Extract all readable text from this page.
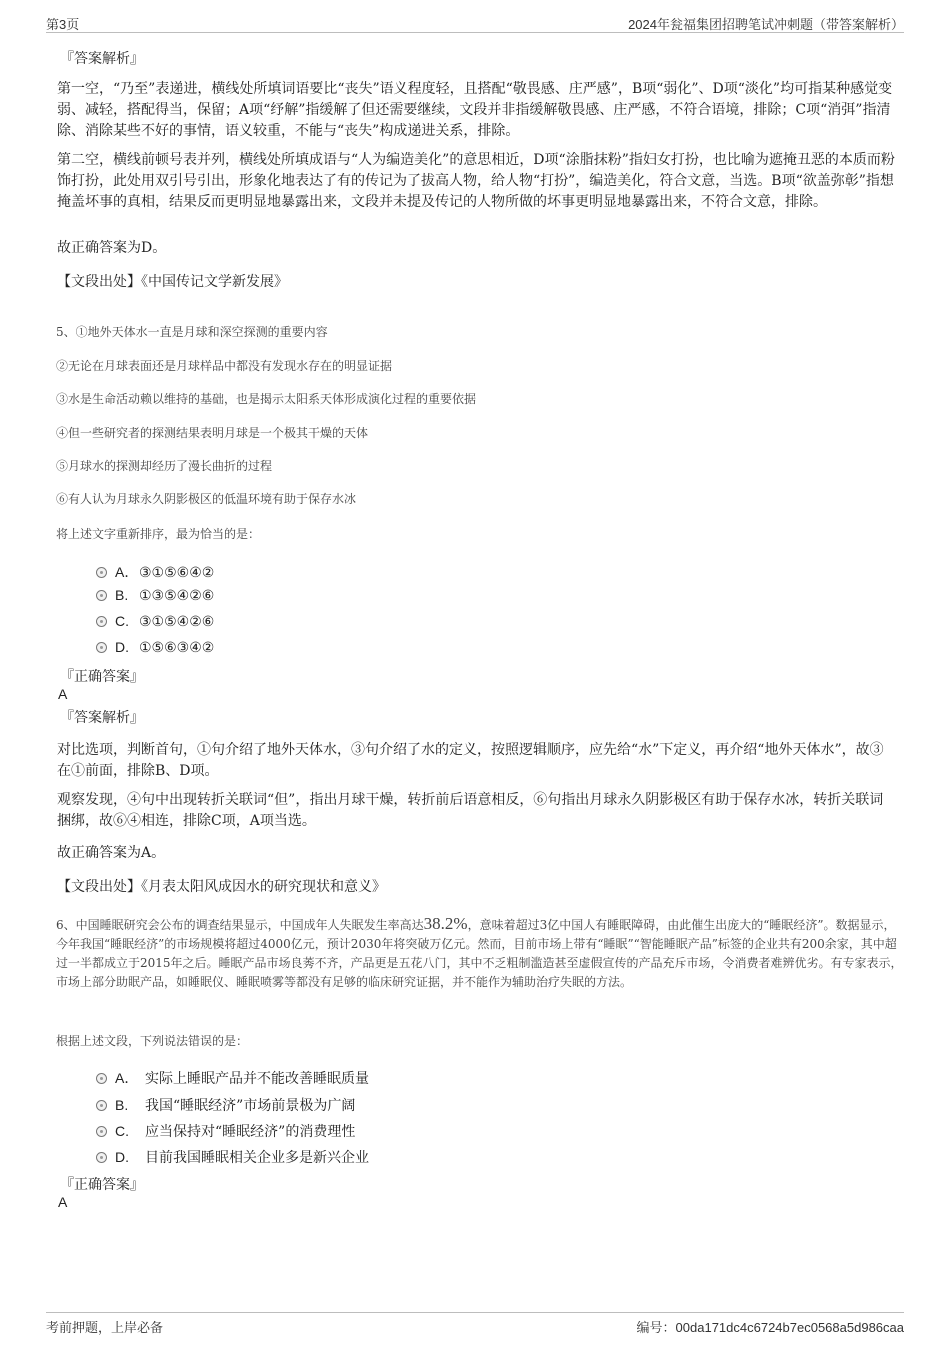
第3页	2024年瓮福集团招聘笔试冲刺题（带答案解析）
『答案解析』
第一空，“乃至”表递进，横线处所填词语要比“丧失”语义程度轻，且搭配“敬畏感、庄严感”，B项“弱化”、D项“淡化”均可指某种感觉变弱、减轻，搭配得当，保留；A项“纾解”指缓解了但还需要继续，文段并非指缓解敬畏感、庄严感，不符合语境，排除；C项“消弭”指清除、消除某些不好的事情，语义较重，不能与“丧失”构成递进关系，排除。
第二空，横线前顿号表并列，横线处所填成语与“人为编造美化”的意思相近，D项“涂脂抹粉”指妇女打扮，也比喻为遮掩丑恶的本质而粉饰打扮，此处用双引号引出，形象化地表达了有的传记为了拔高人物，给人物“打扮”，编造美化，符合文意，当选。B项“欲盖弥彰”指想掩盖坏事的真相，结果反而更明显地暴露出来，文段并未提及传记的人物所做的坏事更明显地暴露出来，不符合文意，排除。
故正确答案为D。
【文段出处】《中国传记文学新发展》
5、①地外天体水一直是月球和深空探测的重要内容
②无论在月球表面还是月球样品中都没有发现水存在的明显证据
③水是生命活动赖以维持的基础，也是揭示太阳系天体形成演化过程的重要依据
④但一些研究者的探测结果表明月球是一个极其干燥的天体
⑤月球水的探测却经历了漫长曲折的过程
⑥有人认为月球永久阴影极区的低温环境有助于保存水冰
将上述文字重新排序，最为恰当的是：
A．③①⑤⑥④②
B. ①③⑤④②⑥
C. ③①⑤④②⑥
D. ①⑤⑥③④②
『正确答案』
A
『答案解析』
对比选项，判断首句，①句介绍了地外天体水，③句介绍了水的定义，按照逻辑顺序，应先给“水”下定义，再介绍“地外天体水”，故③在①前面，排除B、D项。
观察发现，④句中出现转折关联词“但”，指出月球干燥，转折前后语意相反，⑥句指出月球永久阴影极区有助于保存水冰，转折关联词捆绑，故⑥④相连，排除C项，A项当选。
故正确答案为A。
【文段出处】《月表太阳风成因水的研究现状和意义》
6、中国睡眠研究会公布的调查结果显示，中国成年人失眠发生率高达38.2%，意味着超过3亿中国人有睡眠障碍，由此催生出庞大的“睡眠经济”。数据显示，今年我国“睡眠经济”的市场规模将超过4000亿元，预计2030年将突破万亿元。然而，目前市场上带有“睡眠”“智能睡眠产品”标签的企业共有200余家，其中超过一半都成立于2015年之后。睡眠产品市场良莠不齐，产品更是五花八门，其中不乏粗制滥造甚至虚假宣传的产品充斥市场，令消费者难辨优劣。有专家表示，市场上部分助眠产品，如睡眠仪、睡眠喷雾等都没有足够的临床研究证据，并不能作为辅助治疗失眠的方法。
根据上述文段，下列说法错误的是：
A． 实际上睡眠产品并不能改善睡眠质量
B. 我国“睡眠经济”市场前景极为广阔
C. 应当保持对“睡眠经济”的消费理性
D. 目前我国睡眠相关企业多是新兴企业
『正确答案』
A
考前押题，上岸必备	编号：00da171dc4c6724b7ec0568a5d986caa
